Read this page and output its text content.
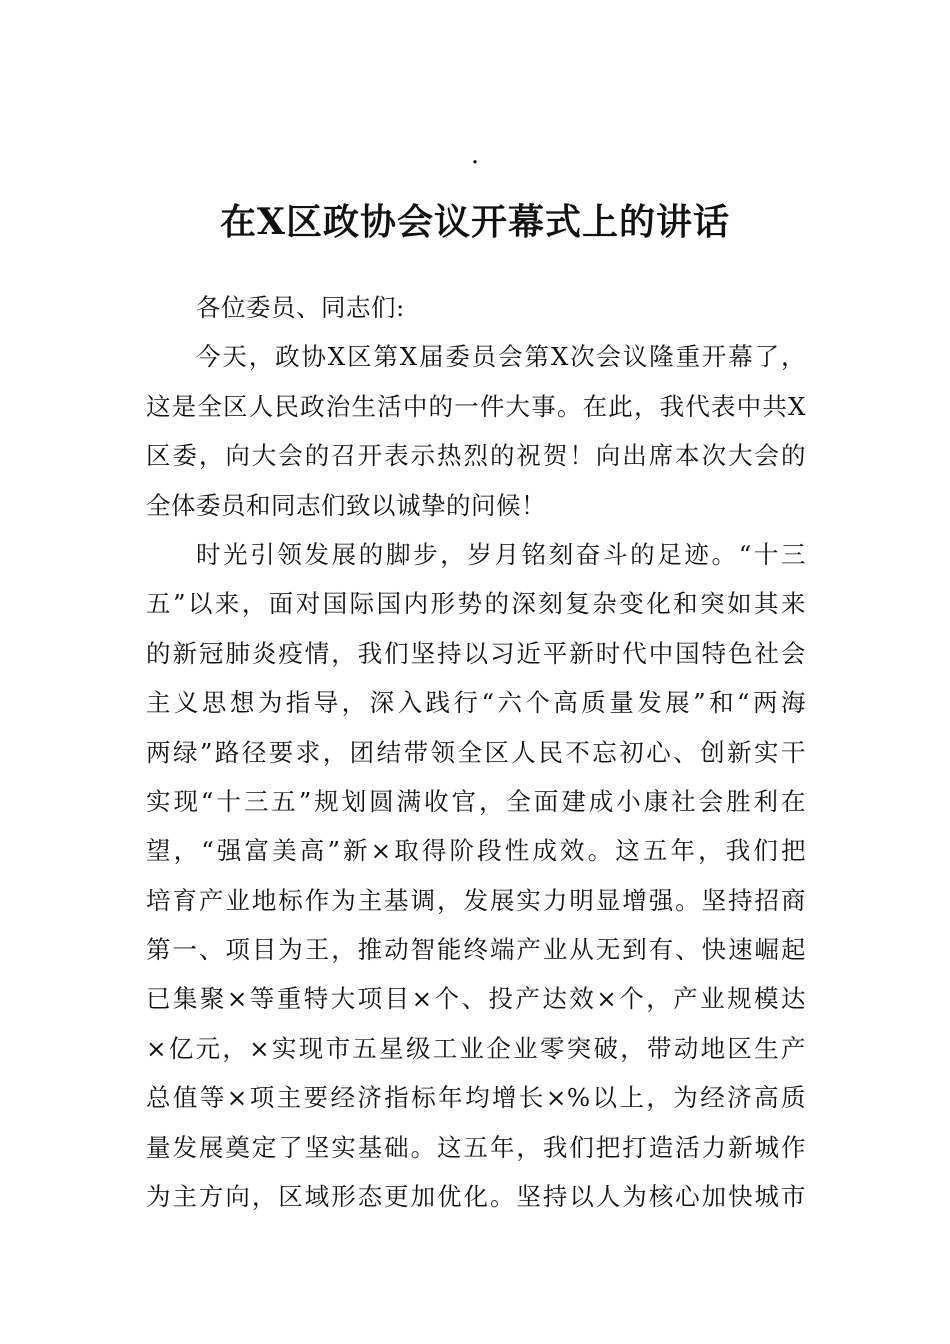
.
在X区政协会议开幕式上的讲话
各位委员、同志们:
今天，政协X区第X届委员会第X次会议隆重开幕了，
这是全区人民政治生活中的一件大事。在此，我代表中共X
区委，向大会的召开表示热烈的祝贺！向出席本次大会的
全体委员和同志们致以诚挚的问候！
时光引领发展的脚步，岁月铭刻奋斗的足迹。“十三
五”以来，面对国际国内形势的深刻复杂变化和突如其来
的新冠肺炎疫情，我们坚持以习近平新时代中国特色社会
主义思想为指导，深入践行“六个高质量发展”和“两海
两绿”路径要求，团结带领全区人民不忘初心、创新实干
实现“十三五”规划圆满收官，全面建成小康社会胜利在
望，“强富美高”新×取得阶段性成效。这五年，我们把
培育产业地标作为主基调，发展实力明显增强。坚持招商
第一、项目为王，推动智能终端产业从无到有、快速崛起
已集聚×等重特大项目×个、投产达效×个，产业规模达
×亿元，×实现市五星级工业企业零突破，带动地区生产
总值等×项主要经济指标年均增长×%以上，为经济高质
量发展奠定了坚实基础。这五年，我们把打造活力新城作
为主方向，区域形态更加优化。坚持以人为核心加快城市
